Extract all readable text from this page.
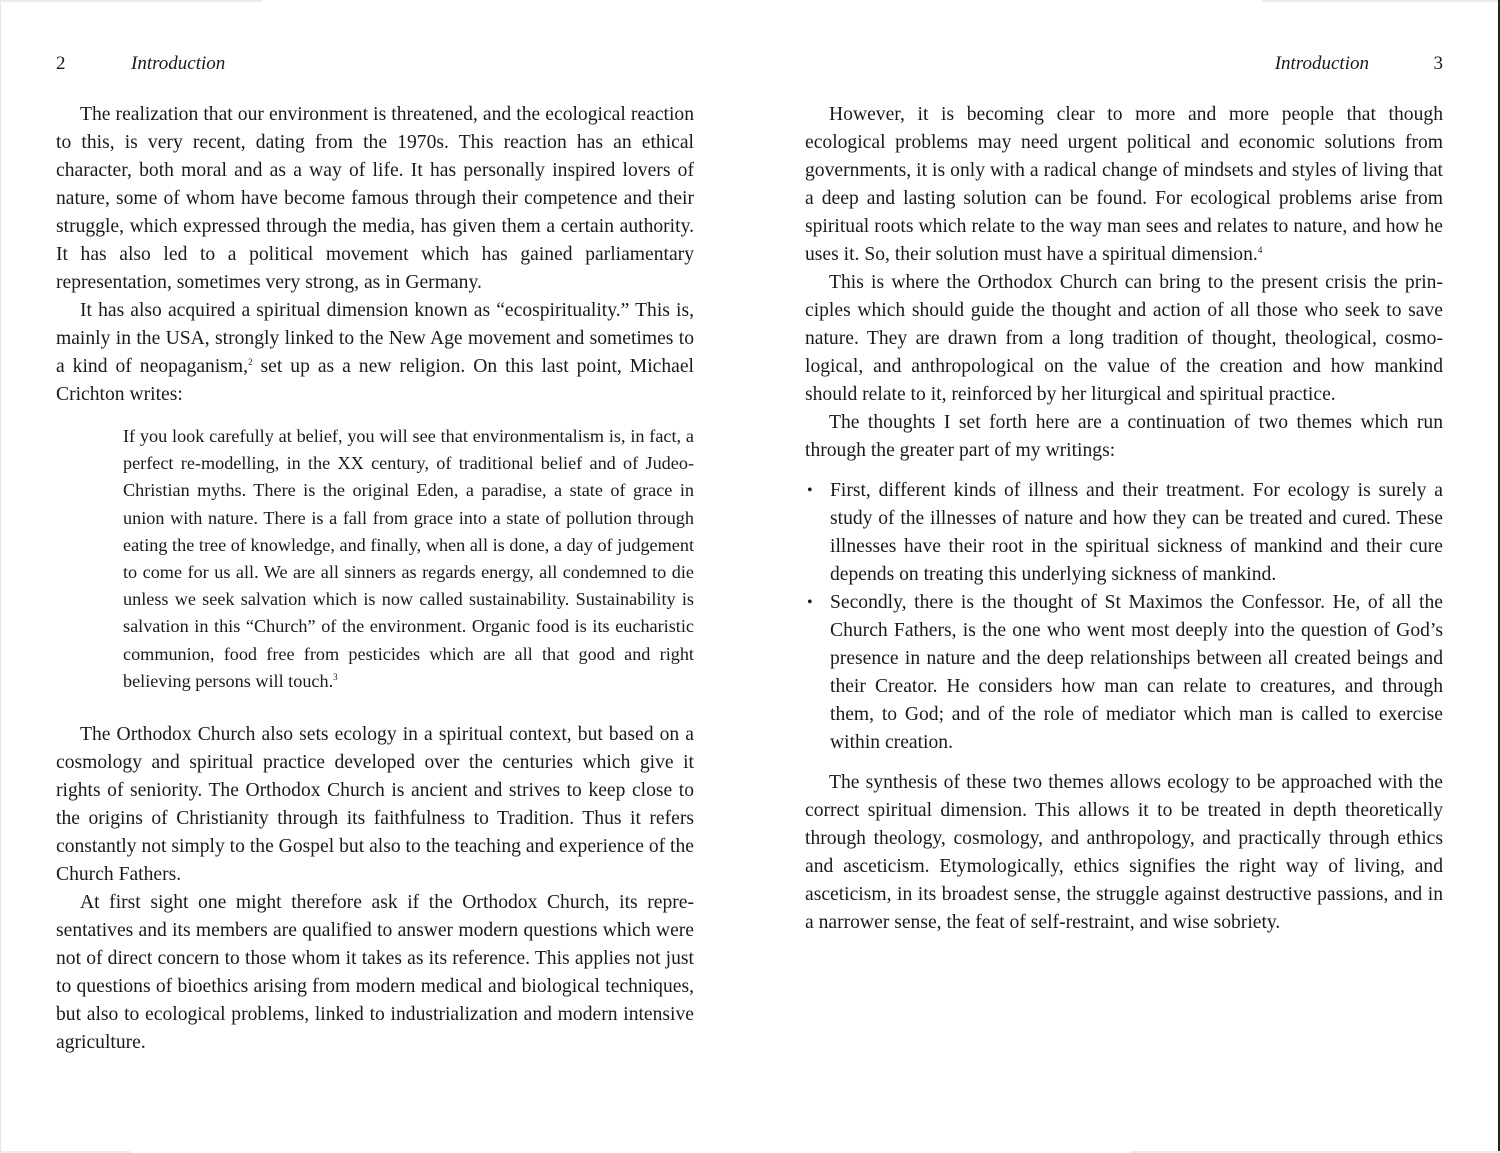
2	Introduction

The realization that our environment is threatened, and the ecological reaction to this, is very recent, dating from the 1970s. This reaction has an ethical character, both moral and as a way of life. It has personally inspired lovers of nature, some of whom have become famous through their competence and their struggle, which expressed through the media, has given them a certain authority. It has also led to a political movement which has gained parliamentary representation, sometimes very strong, as in Germany.

It has also acquired a spiritual dimension known as “ecospirituality.” This is, mainly in the USA, strongly linked to the New Age movement and sometimes to a kind of neopaganism,$^2$ set up as a new religion. On this last point, Michael Crichton writes:

If you look carefully at belief, you will see that environmentalism is, in fact, a perfect re-modelling, in the XX century, of traditional belief and of Judeo-Christian myths. There is the original Eden, a paradise, a state of grace in union with nature. There is a fall from grace into a state of pollution through eating the tree of knowledge, and finally, when all is done, a day of judgement to come for us all. We are all sinners as regards energy, all condemned to die unless we seek salvation which is now called sustainability. Sustainability is salvation in this “Church” of the environment. Organic food is its eucharistic communion, food free from pesticides which are all that good and right believing persons will touch.$^3$

The Orthodox Church also sets ecology in a spiritual context, but based on a cosmology and spiritual practice developed over the centuries which give it rights of seniority. The Orthodox Church is ancient and strives to keep close to the origins of Christianity through its faithfulness to Tradition. Thus it refers constantly not simply to the Gospel but also to the teaching and experience of the Church Fathers.

At first sight one might therefore ask if the Orthodox Church, its representatives and its members are qualified to answer modern questions which were not of direct concern to those whom it takes as its reference. This applies not just to questions of bioethics arising from modern medical and biological techniques, but also to ecological problems, linked to industrialization and modern intensive agriculture.

Introduction	3

However, it is becoming clear to more and more people that though ecological problems may need urgent political and economic solutions from governments, it is only with a radical change of mindsets and styles of living that a deep and lasting solution can be found. For ecological problems arise from spiritual roots which relate to the way man sees and relates to nature, and how he uses it. So, their solution must have a spiritual dimension.$^4$

This is where the Orthodox Church can bring to the present crisis the principles which should guide the thought and action of all those who seek to save nature. They are drawn from a long tradition of thought, theological, cosmological, and anthropological on the value of the creation and how mankind should relate to it, reinforced by her liturgical and spiritual practice.

The thoughts I set forth here are a continuation of two themes which run through the greater part of my writings:

• First, different kinds of illness and their treatment. For ecology is surely a study of the illnesses of nature and how they can be treated and cured. These illnesses have their root in the spiritual sickness of mankind and their cure depends on treating this underlying sickness of mankind.
• Secondly, there is the thought of St Maximos the Confessor. He, of all the Church Fathers, is the one who went most deeply into the question of God’s presence in nature and the deep relationships between all created beings and their Creator. He considers how man can relate to creatures, and through them, to God; and of the role of mediator which man is called to exercise within creation.

The synthesis of these two themes allows ecology to be approached with the correct spiritual dimension. This allows it to be treated in depth theoretically through theology, cosmology, and anthropology, and practically through ethics and asceticism. Etymologically, ethics signifies the right way of living, and asceticism, in its broadest sense, the struggle against destructive passions, and in a narrower sense, the feat of self-restraint, and wise sobriety.
